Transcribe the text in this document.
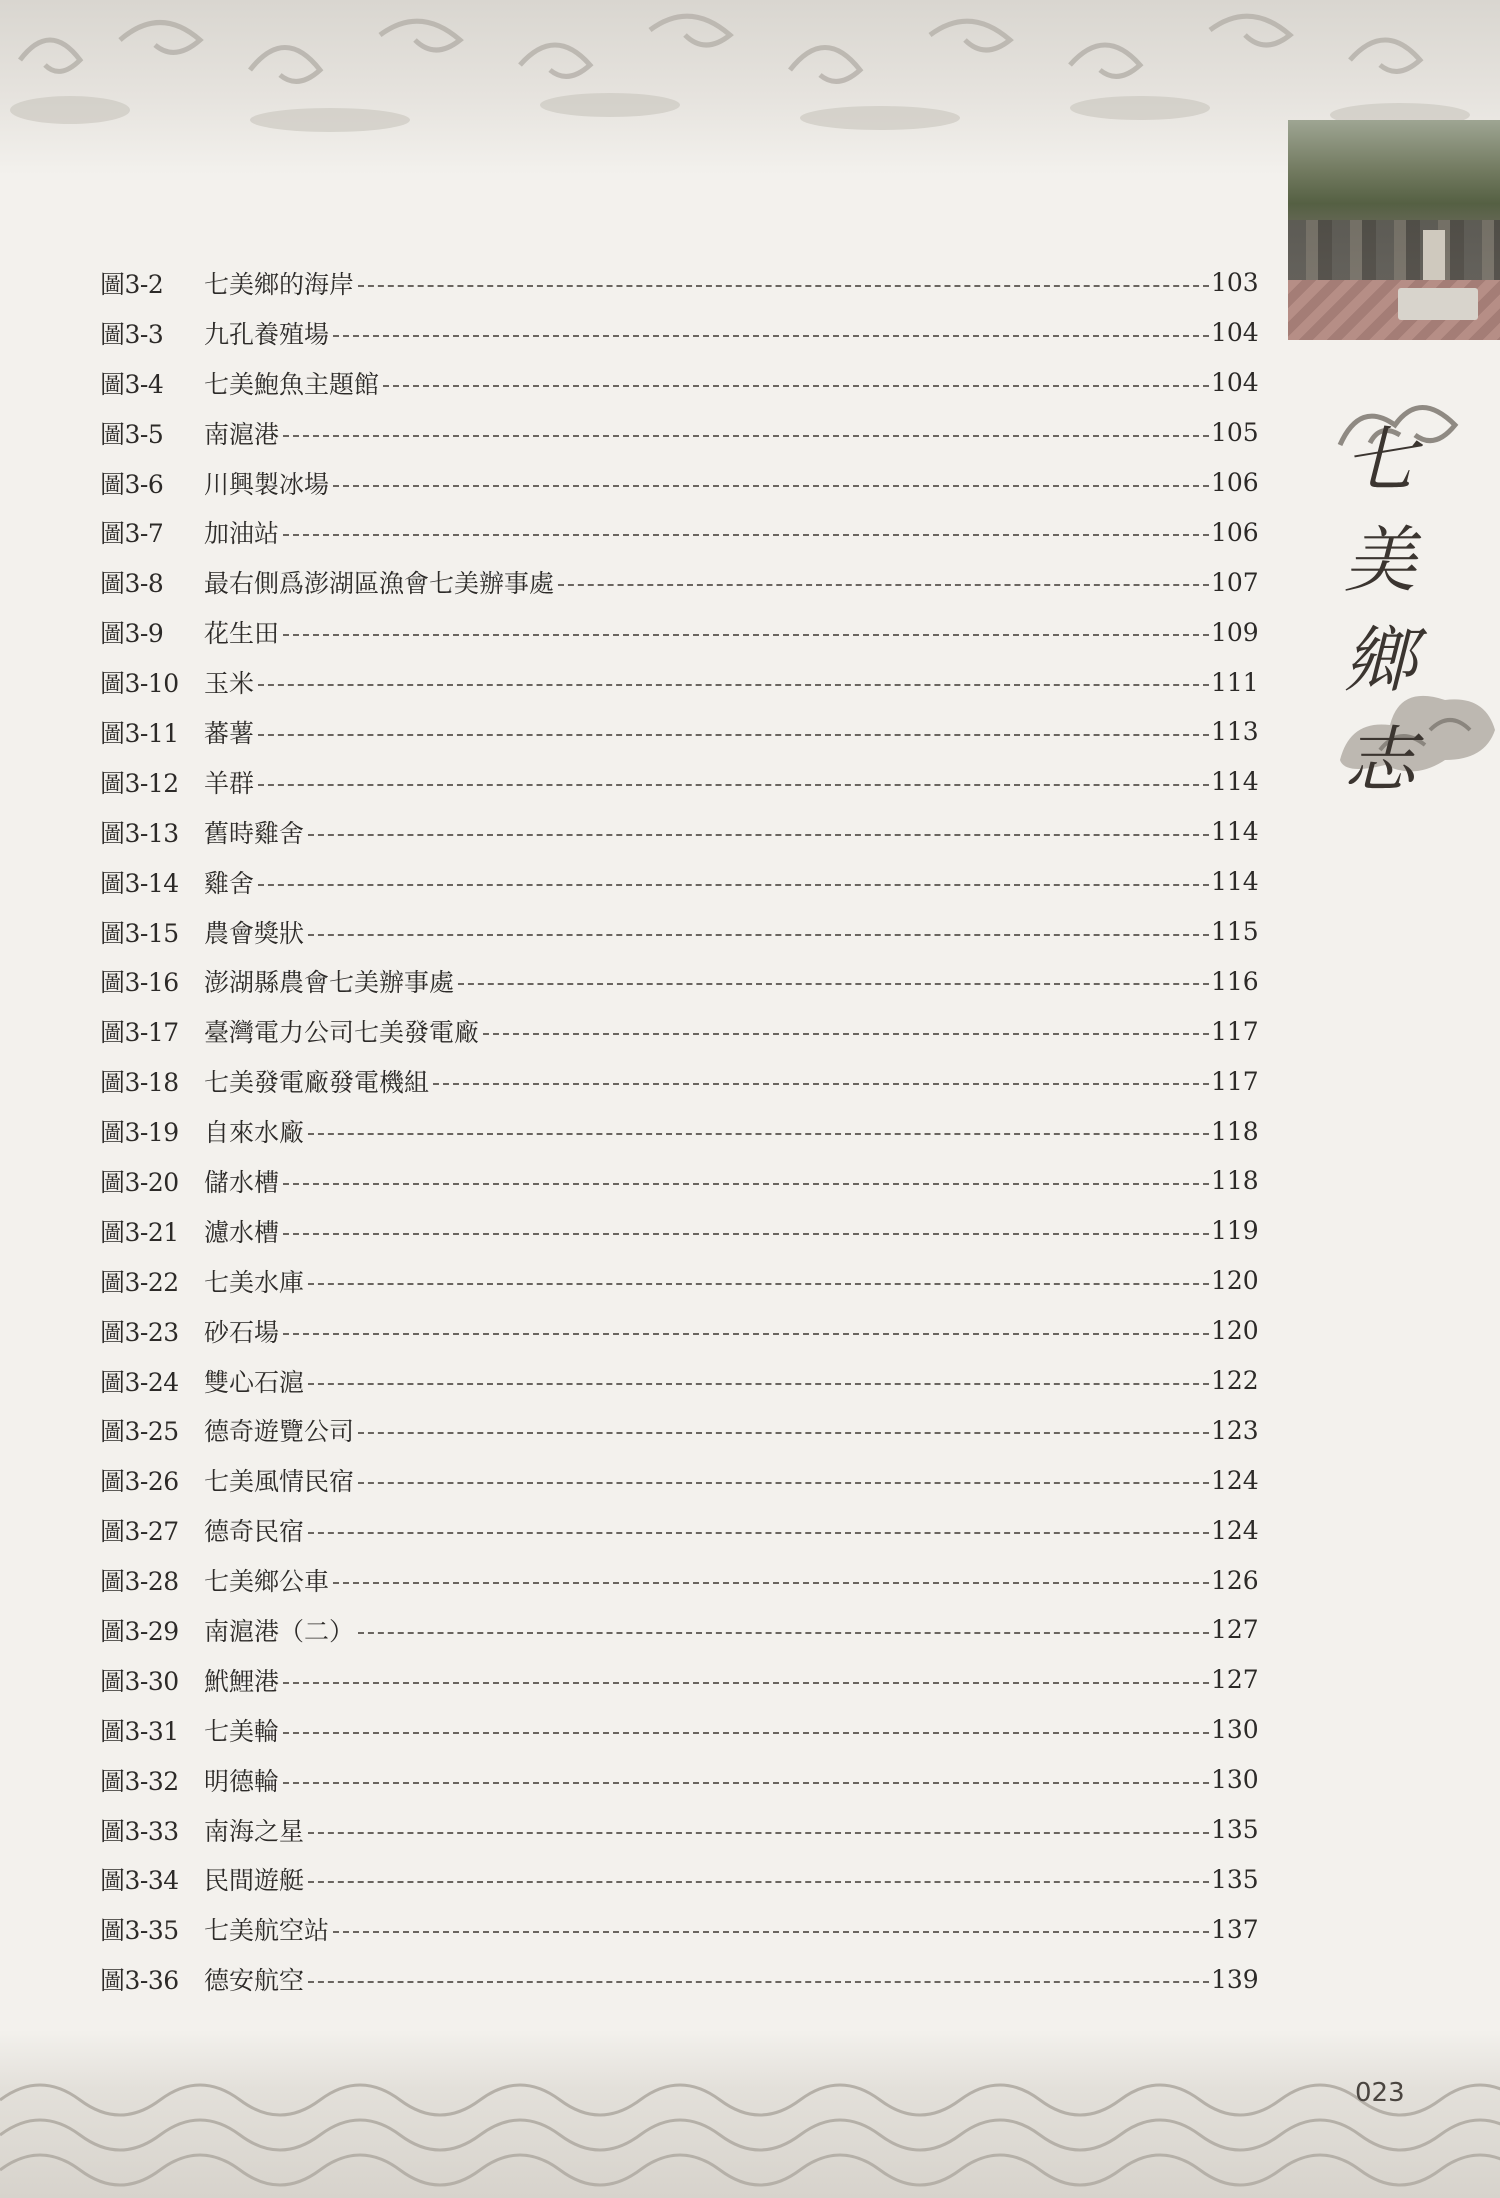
七
美
鄉
志
圖3-2	七美鄉的海岸	103
圖3-3	九孔養殖場	104
圖3-4	七美鮑魚主題館	104
圖3-5	南滬港	105
圖3-6	川興製冰場	106
圖3-7	加油站	106
圖3-8	最右側爲澎湖區漁會七美辦事處	107
圖3-9	花生田	109
圖3-10	玉米	111
圖3-11	蕃薯	113
圖3-12	羊群	114
圖3-13	舊時雞舍	114
圖3-14	雞舍	114
圖3-15	農會獎狀	115
圖3-16	澎湖縣農會七美辦事處	116
圖3-17	臺灣電力公司七美發電廠	117
圖3-18	七美發電廠發電機組	117
圖3-19	自來水廠	118
圖3-20	儲水槽	118
圖3-21	濾水槽	119
圖3-22	七美水庫	120
圖3-23	砂石場	120
圖3-24	雙心石滬	122
圖3-25	德奇遊覽公司	123
圖3-26	七美風情民宿	124
圖3-27	德奇民宿	124
圖3-28	七美鄉公車	126
圖3-29	南滬港（二）	127
圖3-30	鮘鯉港	127
圖3-31	七美輪	130
圖3-32	明德輪	130
圖3-33	南海之星	135
圖3-34	民間遊艇	135
圖3-35	七美航空站	137
圖3-36	德安航空	139
023
